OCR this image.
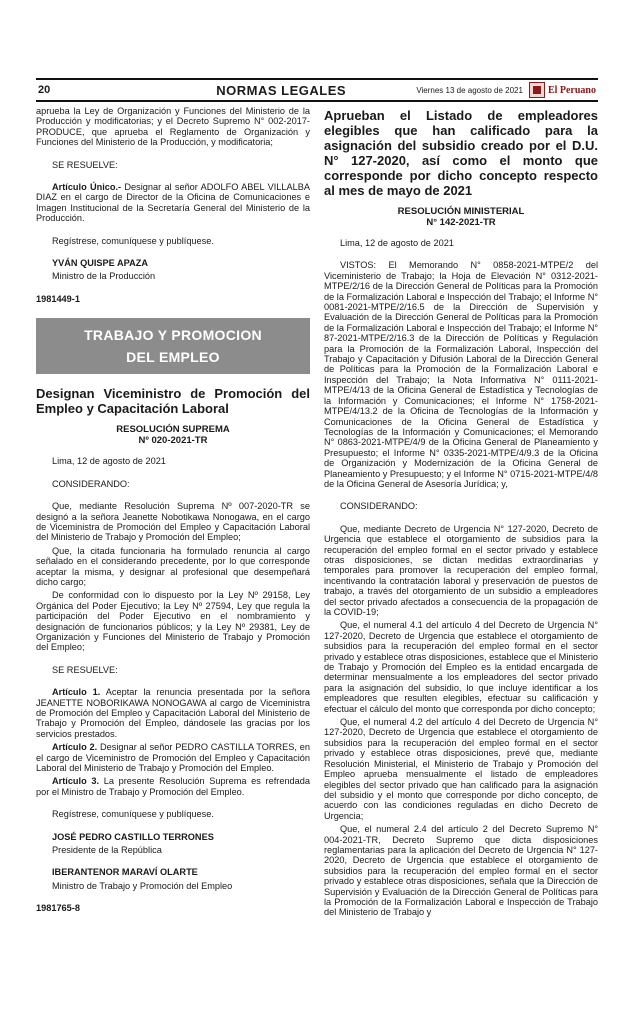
20	NORMAS LEGALES	Viernes 13 de agosto de 2021	El Peruano

aprueba la Ley de Organización y Funciones del Ministerio de la Producción y modificatorias; y el Decreto Supremo N° 002-2017-PRODUCE, que aprueba el Reglamento de Organización y Funciones del Ministerio de la Producción, y modificatoria;

SE RESUELVE:

Artículo Único.- Designar al señor ADOLFO ABEL VILLALBA DIAZ en el cargo de Director de la Oficina de Comunicaciones e Imagen Institucional de la Secretaría General del Ministerio de la Producción.

Regístrese, comuníquese y publíquese.

YVÁN QUISPE APAZA

Ministro de la Producción

1981449-1

TRABAJO Y PROMOCION
DEL EMPLEO
Designan Viceministro de Promoción del Empleo y Capacitación Laboral
RESOLUCIÓN SUPREMA
Nº 020-2021-TR

Lima, 12 de agosto de 2021

CONSIDERANDO:

Que, mediante Resolución Suprema Nº 007-2020-TR se designó a la señora Jeanette Nobotikawa Nonogawa, en el cargo de Viceministra de Promoción del Empleo y Capacitación Laboral del Ministerio de Trabajo y Promoción del Empleo;

Que, la citada funcionaria ha formulado renuncia al cargo señalado en el considerando precedente, por lo que corresponde aceptar la misma, y designar al profesional que desempeñará dicho cargo;

De conformidad con lo dispuesto por la Ley Nº 29158, Ley Orgánica del Poder Ejecutivo; la Ley Nº 27594, Ley que regula la participación del Poder Ejecutivo en el nombramiento y designación de funcionarios públicos; y la Ley Nº 29381, Ley de Organización y Funciones del Ministerio de Trabajo y Promoción del Empleo;

SE RESUELVE:

Artículo 1. Aceptar la renuncia presentada por la señora JEANETTE NOBORIKAWA NONOGAWA al cargo de Viceministra de Promoción del Empleo y Capacitación Laboral del Ministerio de Trabajo y Promoción del Empleo, dándosele las gracias por los servicios prestados.

Artículo 2. Designar al señor PEDRO CASTILLA TORRES, en el cargo de Viceministro de Promoción del Empleo y Capacitación Laboral del Ministerio de Trabajo y Promoción del Empleo.

Artículo 3. La presente Resolución Suprema es refrendada por el Ministro de Trabajo y Promoción del Empleo.

Regístrese, comuníquese y publíquese.

JOSÉ PEDRO CASTILLO TERRONES

Presidente de la República

IBERANTENOR MARAVÍ OLARTE

Ministro de Trabajo y Promoción del Empleo

1981765-8

Aprueban el Listado de empleadores elegibles que han calificado para la asignación del subsidio creado por el D.U. N° 127-2020, así como el monto que corresponde por dicho concepto respecto al mes de mayo de 2021
RESOLUCIÓN MINISTERIAL
N° 142-2021-TR

Lima, 12 de agosto de 2021

VISTOS: El Memorando N° 0858-2021-MTPE/2 del Viceministerio de Trabajo; la Hoja de Elevación N° 0312-2021-MTPE/2/16 de la Dirección General de Políticas para la Promoción de la Formalización Laboral e Inspección del Trabajo; el Informe N° 0081-2021-MTPE/2/16.5 de la Dirección de Supervisión y Evaluación de la Dirección General de Políticas para la Promoción de la Formalización Laboral e Inspección del Trabajo; el Informe N° 87-2021-MTPE/2/16.3 de la Dirección de Políticas y Regulación para la Promoción de la Formalización Laboral, Inspección del Trabajo y Capacitación y Difusión Laboral de la Dirección General de Políticas para la Promoción de la Formalización Laboral e Inspección del Trabajo; la Nota Informativa N° 0111-2021-MTPE/4/13 de la Oficina General de Estadística y Tecnologías de la Información y Comunicaciones; el Informe N° 1758-2021-MTPE/4/13.2 de la Oficina de Tecnologías de la Información y Comunicaciones de la Oficina General de Estadística y Tecnologías de la Información y Comunicaciones; el Memorando N° 0863-2021-MTPE/4/9 de la Oficina General de Planeamiento y Presupuesto; el Informe N° 0335-2021-MTPE/4/9.3 de la Oficina de Organización y Modernización de la Oficina General de Planeamiento y Presupuesto; y el Informe N° 0715-2021-MTPE/4/8 de la Oficina General de Asesoría Jurídica; y,

CONSIDERANDO:

Que, mediante Decreto de Urgencia N° 127-2020, Decreto de Urgencia que establece el otorgamiento de subsidios para la recuperación del empleo formal en el sector privado y establece otras disposiciones, se dictan medidas extraordinarias y temporales para promover la recuperación del empleo formal, incentivando la contratación laboral y preservación de puestos de trabajo, a través del otorgamiento de un subsidio a empleadores del sector privado afectados a consecuencia de la propagación de la COVID-19;

Que, el numeral 4.1 del artículo 4 del Decreto de Urgencia N° 127-2020, Decreto de Urgencia que establece el otorgamiento de subsidios para la recuperación del empleo formal en el sector privado y establece otras disposiciones, establece que el Ministerio de Trabajo y Promoción del Empleo es la entidad encargada de determinar mensualmente a los empleadores del sector privado para la asignación del subsidio, lo que incluye identificar a los empleadores que resulten elegibles, efectuar su calificación y efectuar el cálculo del monto que corresponda por dicho concepto;

Que, el numeral 4.2 del artículo 4 del Decreto de Urgencia N° 127-2020, Decreto de Urgencia que establece el otorgamiento de subsidios para la recuperación del empleo formal en el sector privado y establece otras disposiciones, prevé que, mediante Resolución Ministerial, el Ministerio de Trabajo y Promoción del Empleo aprueba mensualmente el listado de empleadores elegibles del sector privado que han calificado para la asignación del subsidio y el monto que corresponde por dicho concepto, de acuerdo con las condiciones reguladas en dicho Decreto de Urgencia;

Que, el numeral 2.4 del artículo 2 del Decreto Supremo N° 004-2021-TR, Decreto Supremo que dicta disposiciones reglamentarias para la aplicación del Decreto de Urgencia N° 127-2020, Decreto de Urgencia que establece el otorgamiento de subsidios para la recuperación del empleo formal en el sector privado y establece otras disposiciones, señala que la Dirección de Supervisión y Evaluación de la Dirección General de Políticas para la Promoción de la Formalización Laboral e Inspección de Trabajo del Ministerio de Trabajo y
